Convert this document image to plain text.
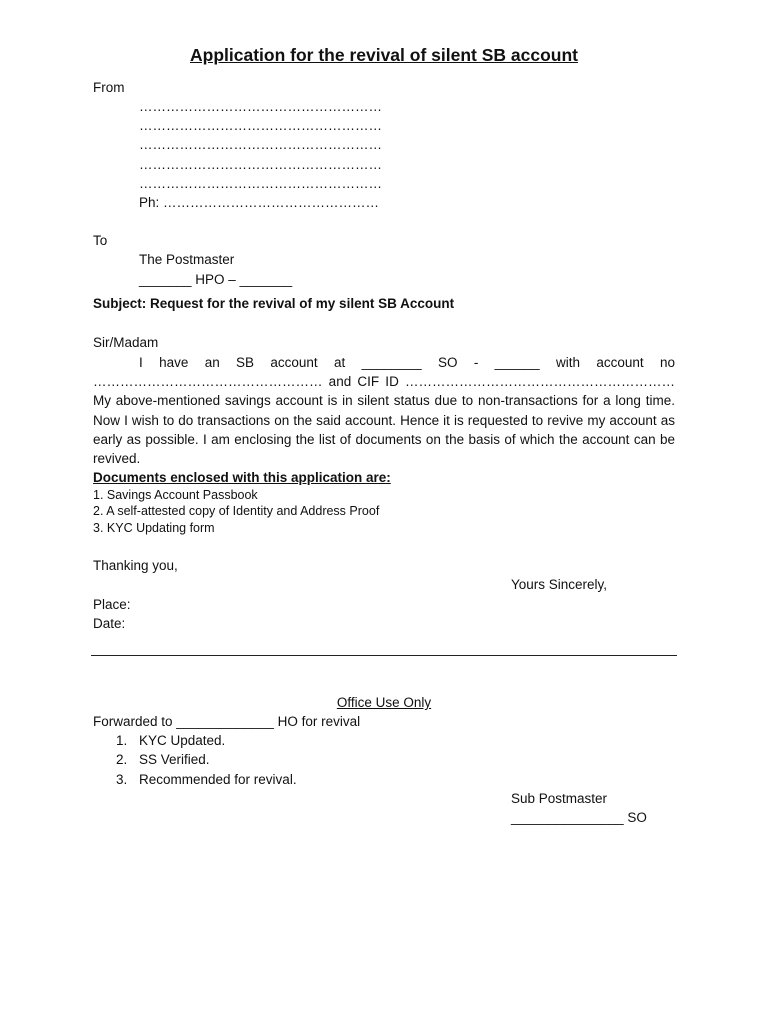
Application for the revival of silent SB account
From
………………………………………………
………………………………………………
………………………………………………
………………………………………………
………………………………………………
Ph: …………………………………………
To
The Postmaster
_______ HPO – _______
Subject: Request for the revival of my silent SB Account
Sir/Madam

I have an SB account at ________ SO - ______ with account no

…………………………………………… and CIF ID …………………………………………………… My above-mentioned savings account is in silent status due to non-transactions for a long time. Now I wish to do transactions on the said account. Hence it is requested to revive my account as early as possible. I am enclosing the list of documents on the basis of which the account can be revived.

Documents enclosed with this application are:
1. Savings Account Passbook
2. A self-attested copy of Identity and Address Proof
3. KYC Updating form
Thanking you,
Yours Sincerely,
Place:
Date:
Office Use Only
Forwarded to _____________ HO for revival
1. KYC Updated.
2. SS Verified.
3. Recommended for revival.
Sub Postmaster
_______________ SO
